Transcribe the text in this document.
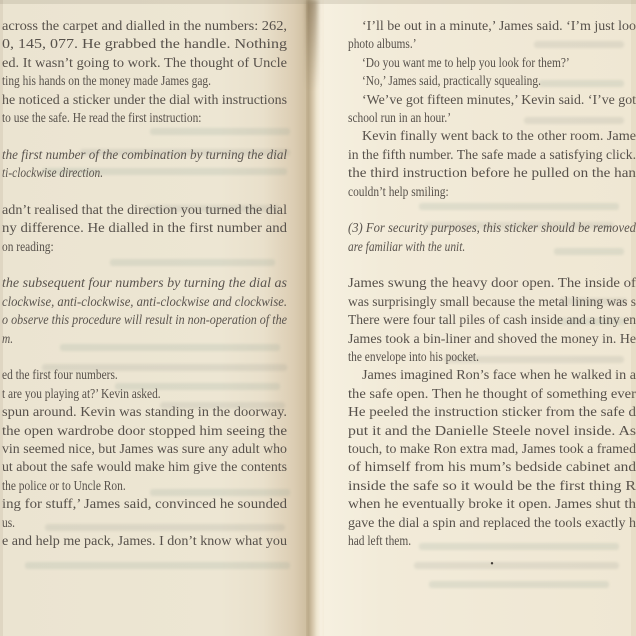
across the carpet and dialled in the numbers: 262,
0, 145, 077. He grabbed the handle. Nothing
ed. It wasn’t going to work. The thought of Uncle
ting his hands on the money made James gag.
he noticed a sticker under the dial with instructions
to use the safe. He read the first instruction:
the first number of the combination by turning the dial
ti-clockwise direction.
adn’t realised that the direction you turned the dial
ny difference. He dialled in the first number and
on reading:
the subsequent four numbers by turning the dial as
clockwise, anti-clockwise, anti-clockwise and clockwise.
o observe this procedure will result in non-operation of the
m.
ed the first four numbers.
t are you playing at?’ Kevin asked.
spun around. Kevin was standing in the doorway.
the open wardrobe door stopped him seeing the
vin seemed nice, but James was sure any adult who
ut about the safe would make him give the contents
the police or to Uncle Ron.
ing for stuff,’ James said, convinced he sounded
us.
e and help me pack, James. I don’t know what you
‘I’ll be out in a minute,’ James said. ‘I’m just loo
photo albums.’
‘Do you want me to help you look for them?’
‘No,’ James said, practically squealing.
‘We’ve got fifteen minutes,’ Kevin said. ‘I’ve got
school run in an hour.’
Kevin finally went back to the other room. Jame
in the fifth number. The safe made a satisfying click.
the third instruction before he pulled on the han
couldn’t help smiling:
(3) For security purposes, this sticker should be removed
are familiar with the unit.
James swung the heavy door open. The inside of
was surprisingly small because the metal lining was s
There were four tall piles of cash inside and a tiny en
James took a bin-liner and shoved the money in. He
the envelope into his pocket.
James imagined Ron’s face when he walked in a
the safe open. Then he thought of something ever
He peeled the instruction sticker from the safe d
put it and the Danielle Steele novel inside. As
touch, to make Ron extra mad, James took a framed
of himself from his mum’s bedside cabinet and
inside the safe so it would be the first thing R
when he eventually broke it open. James shut th
gave the dial a spin and replaced the tools exactly h
had left them.
•
